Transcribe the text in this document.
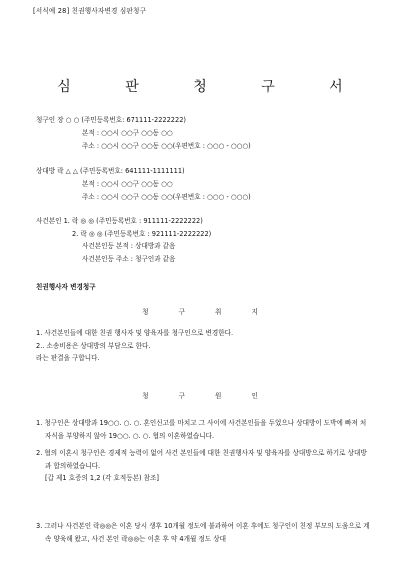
[서식예 28] 친권행사자변경 심판청구
심 판 청 구 서
청구인 장 ○ ○ (주민등록번호: 671111-2222222)
본적 : ○○시 ○○구 ○○동 ○○
주소 : ○○시 ○○구 ○○동 ○○(우편번호 : ○○○ - ○○○)
상대방 락 △ △ (주민등록번호: 641111-1111111)
본적 : ○○시 ○○구 ○○동 ○○
주소 : ○○시 ○○구 ○○동 ○○(우편번호 : ○○○ - ○○○)
사건본인 1. 락 ◎ ◎ (주민등록번호 : 911111-2222222)
2. 락 ◎ ◎ (주민등록번호 : 921111-2222222)
사건본인등 본적 : 상대방과 같음
사건본인등 주소 : 청구인과 같음
친권행사자 변경청구
청 구 취 지
1. 사건본인들에 대한 친권 행사자 및 양육자를 청구인으로 변경한다.
2.. 소송비용은 상대방의 부담으로 한다.
라는 판결을 구합니다.
청 구 원 인
1. 청구인은 상대방과 19○○. ○. ○. 혼인신고를 마치고 그 사이에 사건본인들을 두었으나 상대방이 도박에 빠져 처자식을 부양하지 않아 19○○. ○. ○. 협의 이혼하였습니다.
2. 협의 이혼시 청구인은 경제적 능력이 없어 사건 본인들에 대한 친권행사자 및 양육자를 상대방으로 하기로 상대방과 합의하였습니다.
[갑 제1 호증의 1,2 (각 호적등본) 참조]
3. 그러나 사건본인 락◎◎은 이혼 당시 생후 10개월 정도에 불과하여 이혼 후에도 청구인이 친정 부모의 도움으로 계속 양육해 왔고, 사건 본인 락◎◎는 이혼 후 약 4개월 정도 상대
